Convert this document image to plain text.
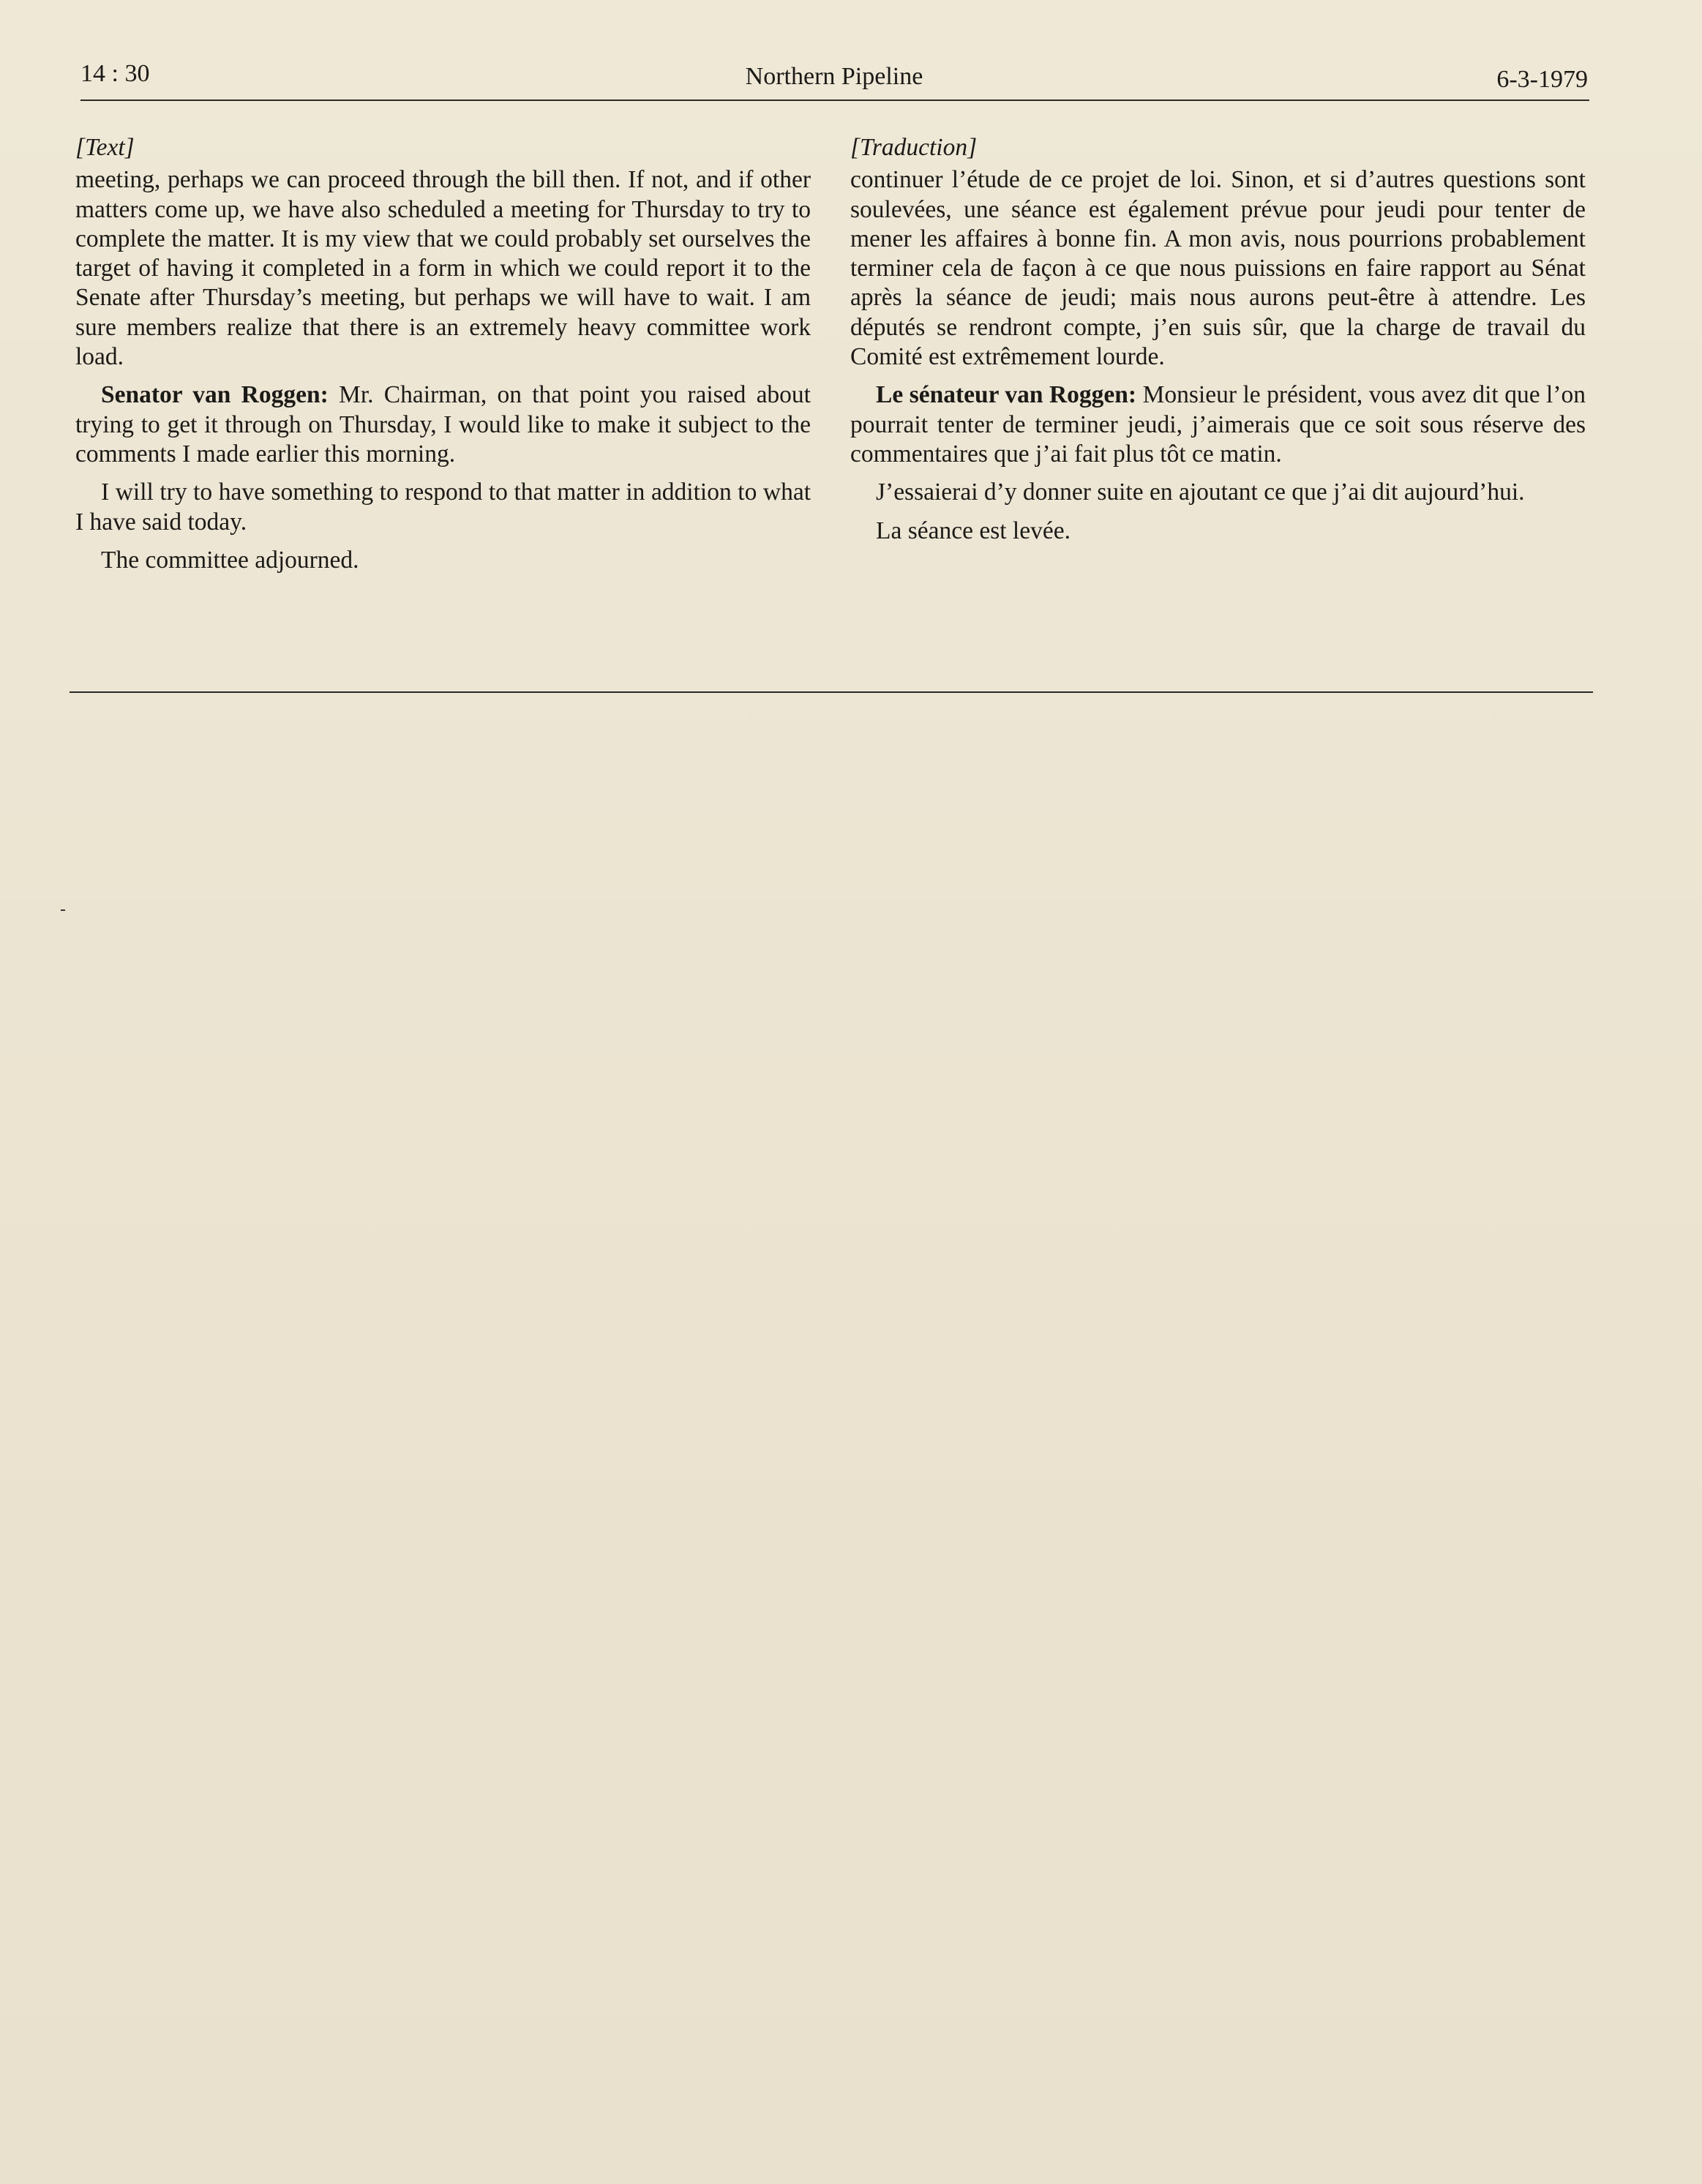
14 : 30	Northern Pipeline	6-3-1979
[Text]

meeting, perhaps we can proceed through the bill then. If not, and if other matters come up, we have also scheduled a meeting for Thursday to try to complete the matter. It is my view that we could probably set ourselves the target of having it completed in a form in which we could report it to the Senate after Thursday’s meeting, but perhaps we will have to wait. I am sure members realize that there is an extremely heavy committee work load.

Senator van Roggen: Mr. Chairman, on that point you raised about trying to get it through on Thursday, I would like to make it subject to the comments I made earlier this morning.

I will try to have something to respond to that matter in addition to what I have said today.

The committee adjourned.

[Traduction]

continuer l’étude de ce projet de loi. Sinon, et si d’autres questions sont soulevées, une séance est également prévue pour jeudi pour tenter de mener les affaires à bonne fin. A mon avis, nous pourrions probablement terminer cela de façon à ce que nous puissions en faire rapport au Sénat après la séance de jeudi; mais nous aurons peut-être à attendre. Les députés se rendront compte, j’en suis sûr, que la charge de travail du Comité est extrêmement lourde.

Le sénateur van Roggen: Monsieur le président, vous avez dit que l’on pourrait tenter de terminer jeudi, j’aimerais que ce soit sous réserve des commentaires que j’ai fait plus tôt ce matin.

J’essaierai d’y donner suite en ajoutant ce que j’ai dit aujourd’hui.

La séance est levée.
